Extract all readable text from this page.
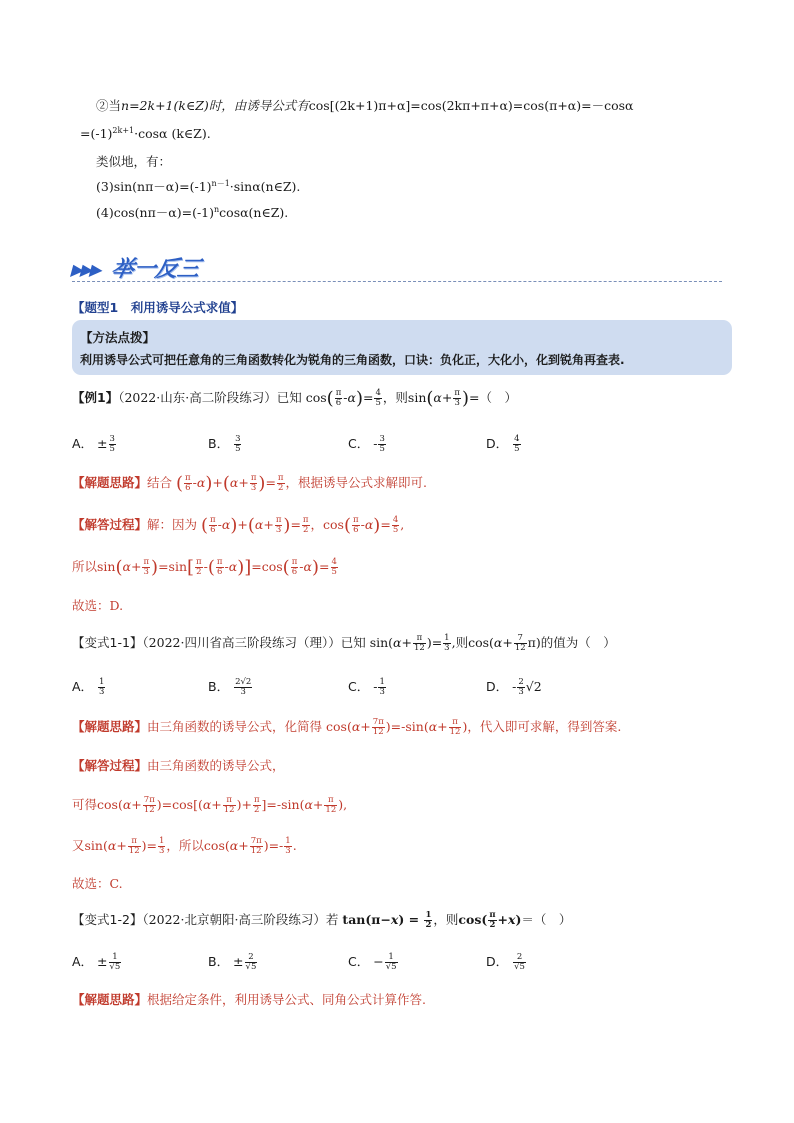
②当n=2k+1(k∈Z)时，由诱导公式有cos[(2k+1)π+α]=cos(2kπ+π+α)=cos(π+α)=－cosα
$=(-1)^{2k+1}\cdot\cos\alpha$ (k∈Z).
类似地，有：
$(3)\sin(n\pi-\alpha)=(-1)^{n-1}\cdot\sin\alpha(n\in Z)$.
$(4)\cos(n\pi-\alpha)=(-1)^n\cos\alpha(n\in Z)$.
▶▶▶ 举一反三
【题型1　利用诱导公式求值】
【方法点拨】
利用诱导公式可把任意角的三角函数转化为锐角的三角函数，口诀：负化正，大化小，化到锐角再查表.
【例1】（2022·山东·高二阶段练习）已知 $\cos( \frac{\pi}{6} -\alpha)= \frac{4}{5}$ ，则$\sin(\alpha+ \frac{\pi}{3}$ )=（　）
A． ± $\frac{3}{5}$	B． $\frac{3}{5}$	C． - $\frac{3}{5}$	D． $\frac{4}{5}$
【解题思路】结合 ( $\frac{\pi}{6} -\alpha)+(\alpha+ \frac{\pi}{3}$ )= $\frac{\pi}{2}$ ，根据诱导公式求解即可.
【解答过程】解：因为 ( $\frac{\pi}{6} -\alpha)+(\alpha+ \frac{\pi}{3}$ )= $\frac{\pi}{2}$ ，$\cos( \frac{\pi}{6} -\alpha)= \frac{4}{5}$ ,
所以$\sin(\alpha+ \frac{\pi}{3} )=\sin[ \frac{\pi}{2}$ -( $\frac{\pi}{6} -\alpha)]=\cos( \frac{\pi}{6} -\alpha)= \frac{4}{5}$
故选：D.
【变式1-1】（2022·四川省高三阶段练习（理））已知 $\sin(\alpha+ \frac{\pi}{12}$ )= $\frac{1}{3}$ ,则$\cos(\alpha+ \frac{7}{12} \pi)$的值为（　）
A． $\frac{1}{3}$	B． $\frac{2√2}{3}$	C． - $\frac{1}{3}$	D． - $\frac{2}{3} √2$
【解题思路】由三角函数的诱导公式，化简得 $\cos(\alpha+ \frac{7\pi}{12} )=-\sin(\alpha+ \frac{\pi}{12}$ )，代入即可求解，得到答案.
【解答过程】由三角函数的诱导公式，
可得$\cos(\alpha+ \frac{7\pi}{12} )=\cos[(\alpha+ \frac{\pi}{12}$ )+ $\frac{\pi}{2} ]=-\sin(\alpha+ \frac{\pi}{12}$ ),
又$\sin(\alpha+ \frac{\pi}{12}$ )= $\frac{1}{3}$ ，所以$\cos(\alpha+ \frac{7\pi}{12}$ )=- $\frac{1}{3}$ .
故选：C.
【变式1-2】（2022·北京朝阳·高三阶段练习）若 $\tan(\pi-x) = \frac{1}{2}$ ，则$\cos( \frac{\pi}{2} +x)=$（　）
A． ± $\frac{1}{√5}$	B． ± $\frac{2}{√5}$	C． − $\frac{1}{√5}$	D． $\frac{2}{√5}$
【解题思路】根据给定条件，利用诱导公式、同角公式计算作答.
